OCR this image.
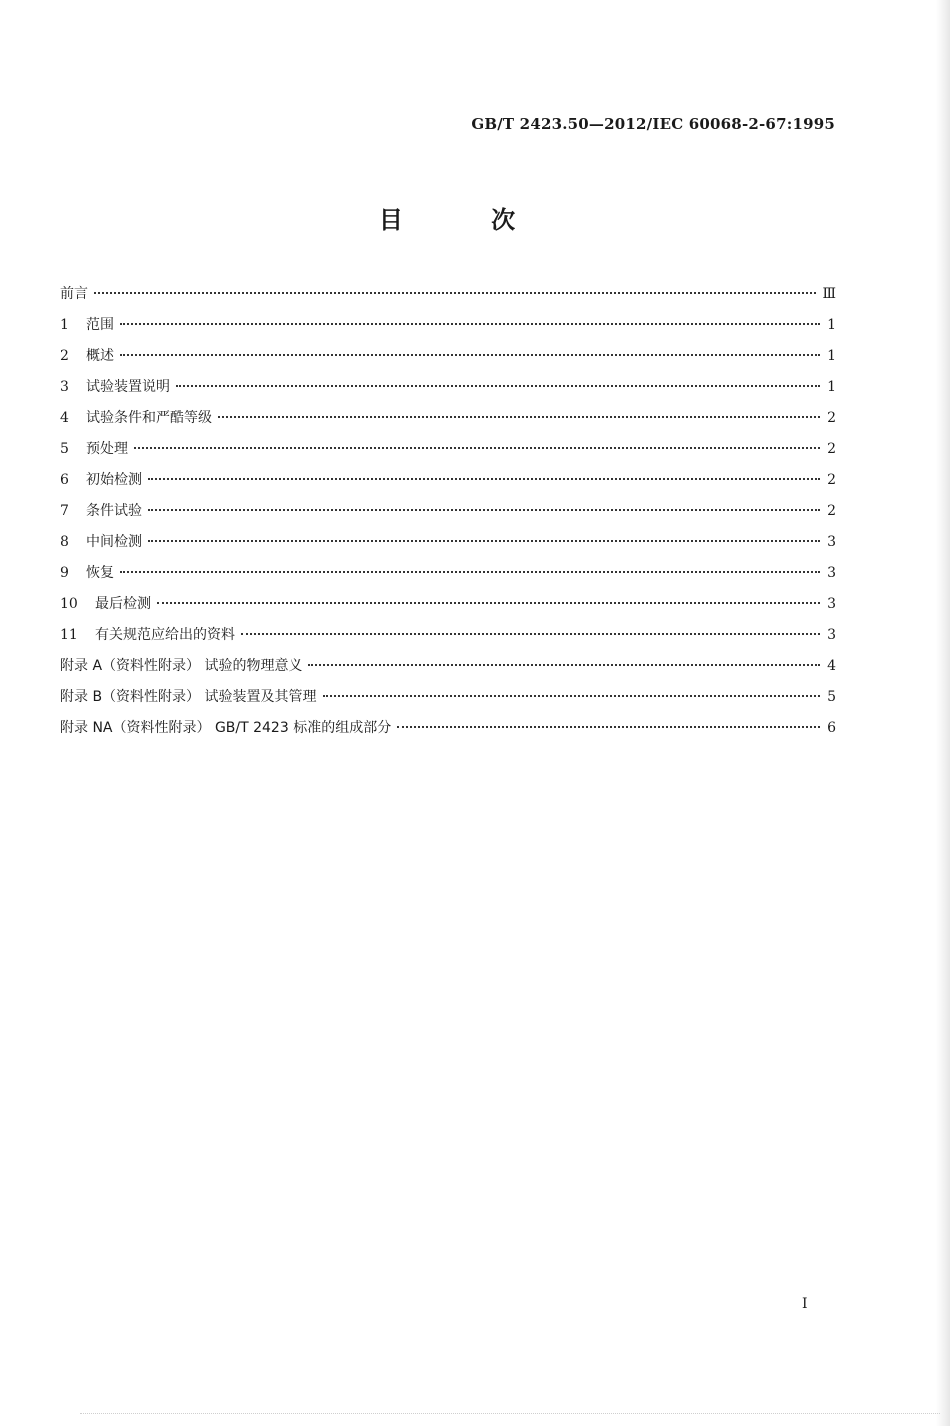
GB/T 2423.50—2012/IEC 60068-2-67:1995
目 次
前言	Ⅲ
1	范围	1
2	概述	1
3	试验装置说明	1
4	试验条件和严酷等级	2
5	预处理	2
6	初始检测	2
7	条件试验	2
8	中间检测	3
9	恢复	3
10	最后检测	3
11	有关规范应给出的资料	3
附录 A（资料性附录） 试验的物理意义	4
附录 B（资料性附录） 试验装置及其管理	5
附录 NA（资料性附录） GB/T 2423 标准的组成部分	6
I
